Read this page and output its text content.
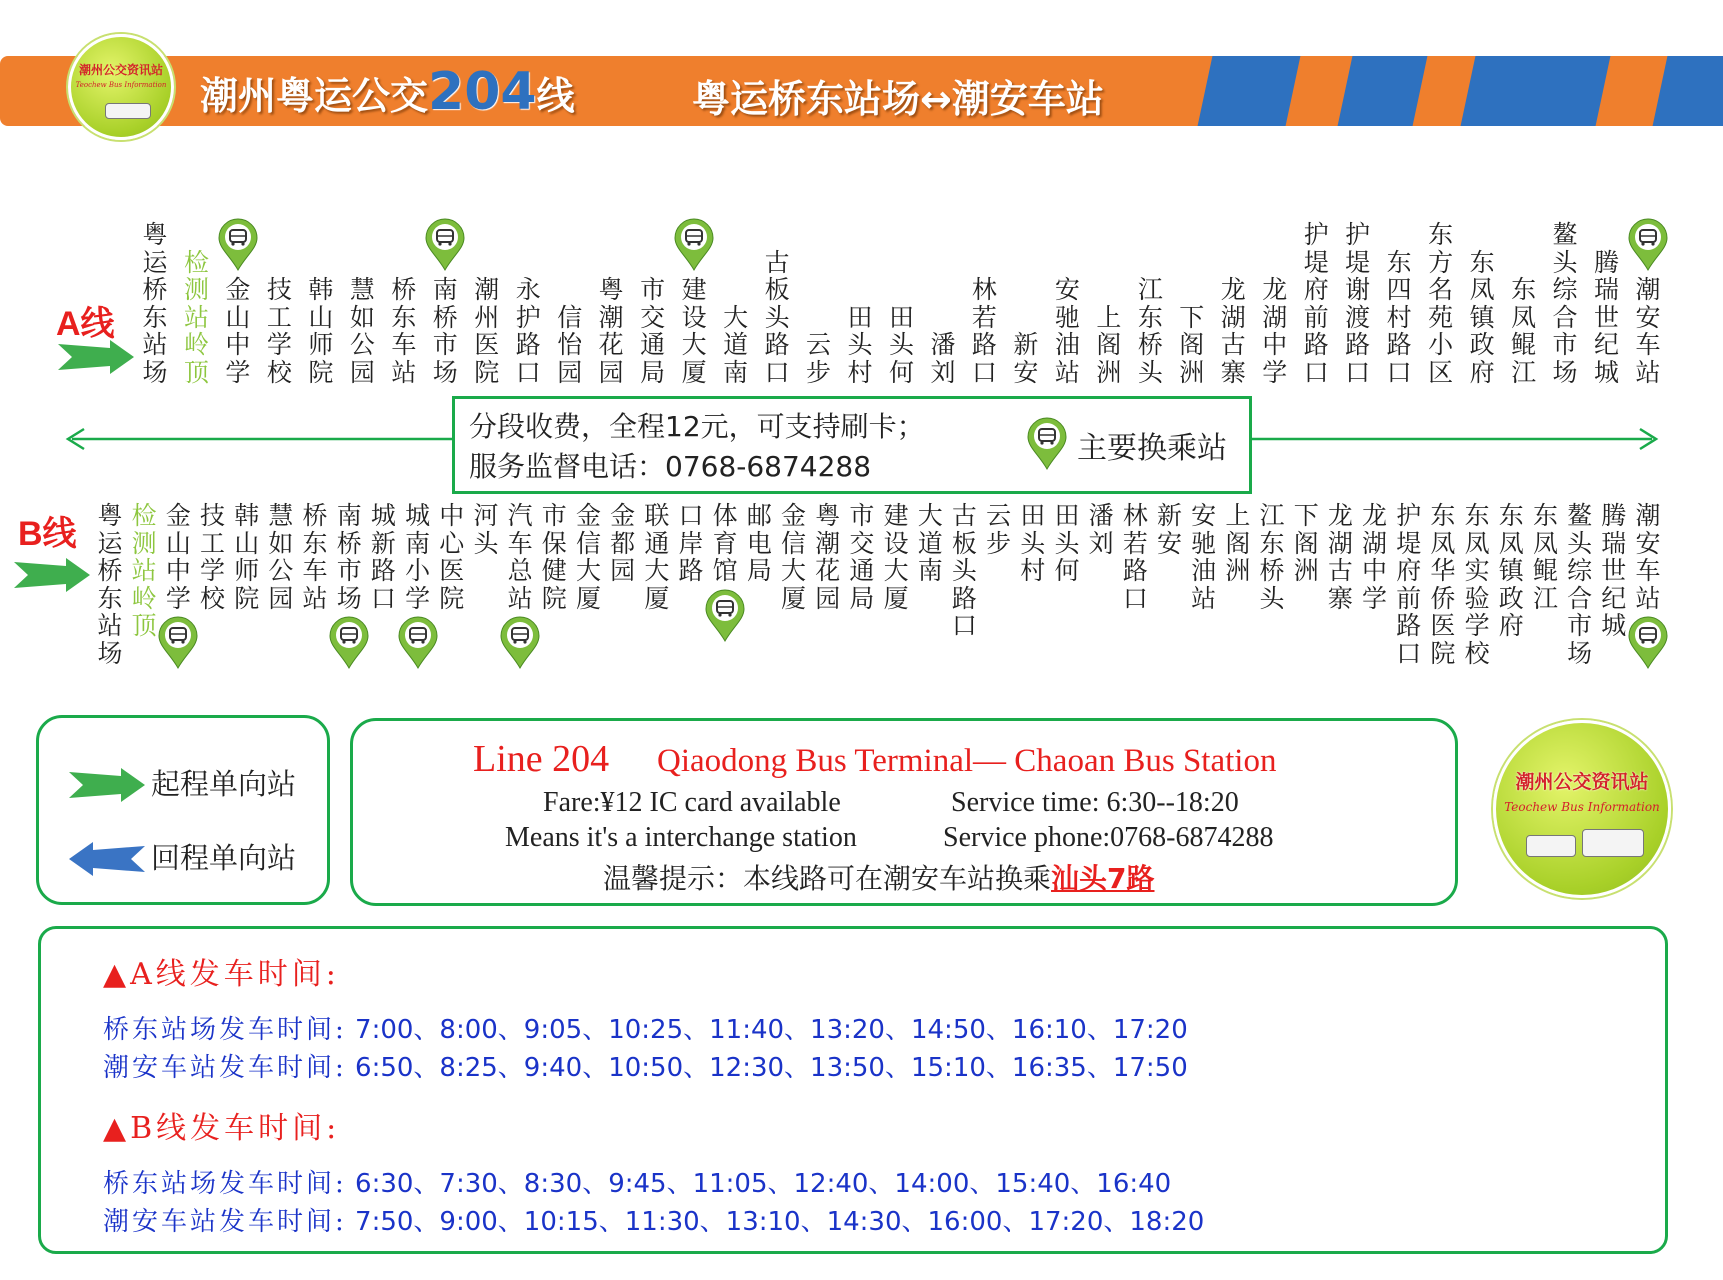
潮州公交资讯站
Teochew Bus Information 潮州粤运公交204线	粤运桥东站场↔潮安车站
A线
粤
运
桥
东
站
场
检
测
站
岭
顶
金
山
中
学
技
工
学
校
韩
山
师
院
慧
如
公
园
桥
东
车
站
南
桥
市
场
潮
州
医
院
永
护
路
口
信
怡
园
粤
潮
花
园
市
交
通
局
建
设
大
厦
大
道
南
古
板
头
路
口
云
步
田
头
村
田
头
何
潘
刘
林
若
路
口
新
安
安
驰
油
站
上
阁
洲
江
东
桥
头
下
阁
洲
龙
湖
古
寨
龙
湖
中
学
护
堤
府
前
路
口
护
堤
谢
渡
路
口
东
四
村
路
口
东
方
名
苑
小
区
东
凤
镇
政
府
东
凤
鲲
江
鳌
头
综
合
市
场
腾
瑞
世
纪
城
潮
安
车
站
分段收费，全程12元，可支持刷卡；
服务监督电话：0768-6874288
主要换乘站
B线 粤
运
桥
东
站
场
检
测
站
岭
顶
金
山
中
学
技
工
学
校
韩
山
师
院
慧
如
公
园
桥
东
车
站
南
桥
市
场
城
新
路
口
城
南
小
学
中
心
医
院
河
头
汽
车
总
站
市
保
健
院
金
信
大
厦
金
都
园
联
通
大
厦
口
岸
路
体
育
馆
邮
电
局
金
信
大
厦
粤
潮
花
园
市
交
通
局
建
设
大
厦
大
道
南
古
板
头
路
口
云
步
田
头
村
田
头
何
潘
刘
林
若
路
口
新
安
安
驰
油
站
上
阁
洲
江
东
桥
头
下
阁
洲
龙
湖
古
寨
龙
湖
中
学
护
堤
府
前
路
口
东
凤
华
侨
医
院
东
凤
实
验
学
校
东
凤
镇
政
府
东
凤
鲲
江
鳌
头
综
合
市
场
腾
瑞
世
纪
城
潮
安
车
站
起程单向站
回程单向站
Line 204 Qiaodong Bus Terminal— Chaoan Bus Station
Fare:¥12 IC card available	Service time: 6:30--18:20
Means it's a interchange station	Service phone:0768-6874288
温馨提示：本线路可在潮安车站换乘汕头7路
潮州公交资讯站
Teochew Bus Information
▲A线发车时间:
桥东站场发车时间: 7:00、8:00、9:05、10:25、11:40、13:20、14:50、16:10、17:20
潮安车站发车时间: 6:50、8:25、9:40、10:50、12:30、13:50、15:10、16:35、17:50
▲B线发车时间:
桥东站场发车时间: 6:30、7:30、8:30、9:45、11:05、12:40、14:00、15:40、16:40
潮安车站发车时间: 7:50、9:00、10:15、11:30、13:10、14:30、16:00、17:20、18:20
